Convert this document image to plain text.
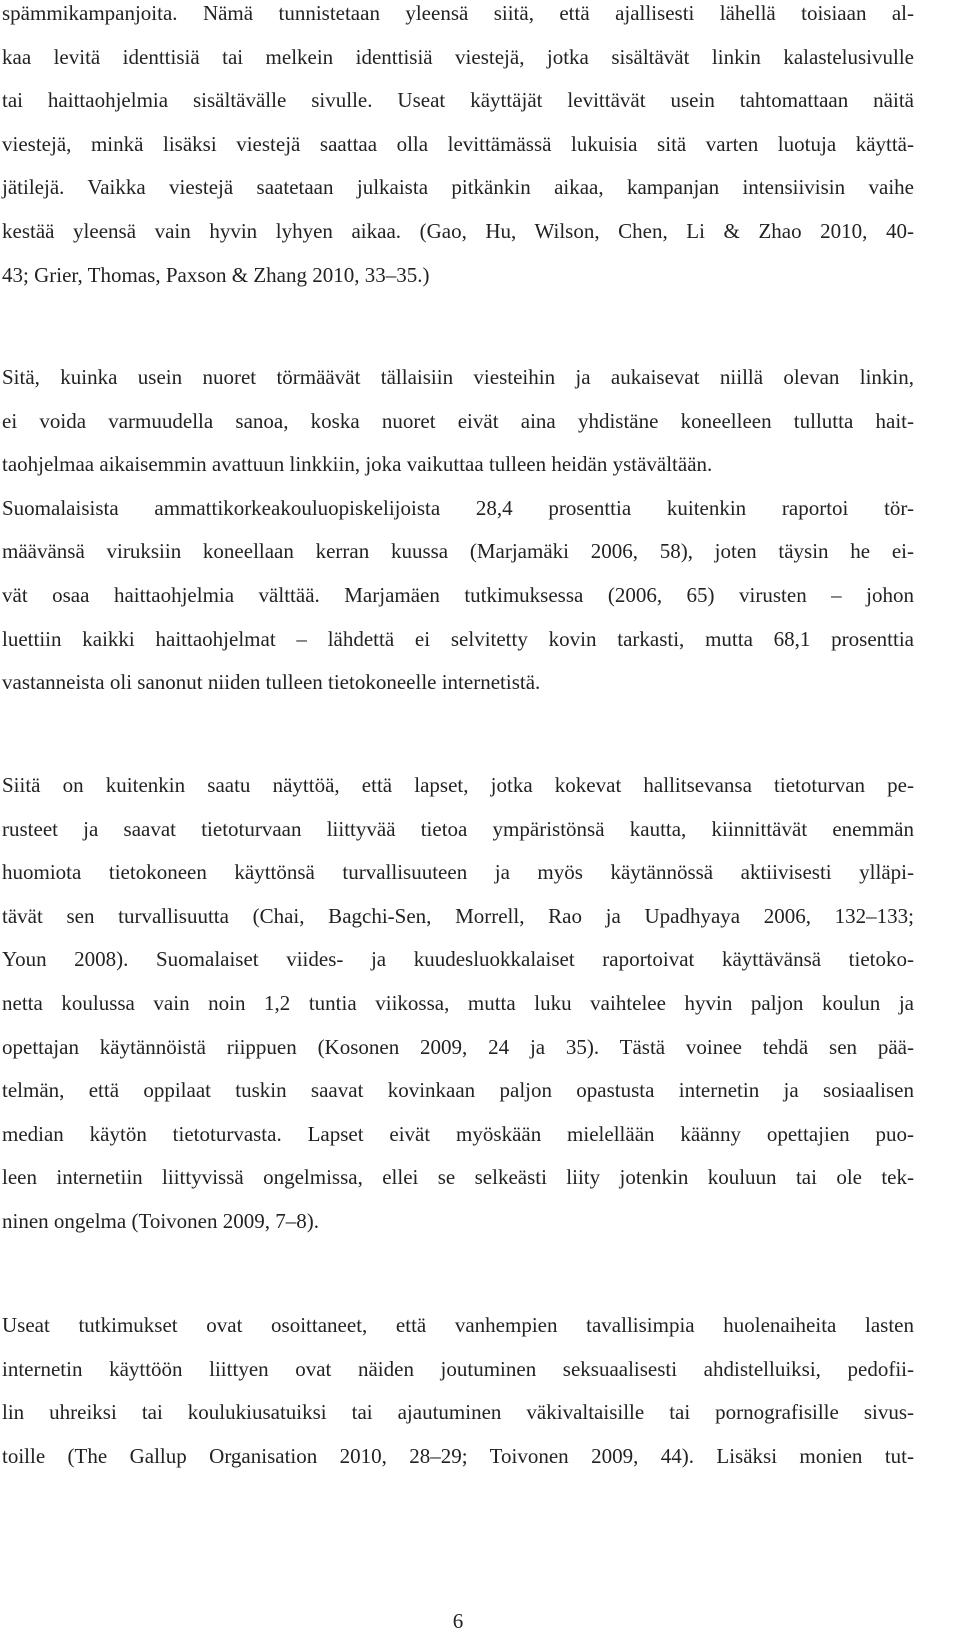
spämmikampanjoita. Nämä tunnistetaan yleensä siitä, että ajallisesti lähellä toisiaan al-
kaa levitä identtisiä tai melkein identtisiä viestejä, jotka sisältävät linkin kalastelusivulle
tai haittaohjelmia sisältävälle sivulle. Useat käyttäjät levittävät usein tahtomattaan näitä
viestejä, minkä lisäksi viestejä saattaa olla levittämässä lukuisia sitä varten luotuja käyttä-
jätilejä. Vaikka viestejä saatetaan julkaista pitkänkin aikaa, kampanjan intensiivisin vaihe
kestää yleensä vain hyvin lyhyen aikaa. (Gao, Hu, Wilson, Chen, Li & Zhao 2010, 40-
43; Grier, Thomas, Paxson & Zhang 2010, 33–35.)
Sitä, kuinka usein nuoret törmäävät tällaisiin viesteihin ja aukaisevat niillä olevan linkin,
ei voida varmuudella sanoa, koska nuoret eivät aina yhdistäne koneelleen tullutta hait-
taohjelmaa aikaisemmin avattuun linkkiin, joka vaikuttaa tulleen heidän ystävältään.
Suomalaisista ammattikorkeakouluopiskelijoista 28,4 prosenttia kuitenkin raportoi tör-
määvänsä viruksiin koneellaan kerran kuussa (Marjamäki 2006, 58), joten täysin he ei-
vät osaa haittaohjelmia välttää. Marjamäen tutkimuksessa (2006, 65) virusten – johon
luettiin kaikki haittaohjelmat – lähdettä ei selvitetty kovin tarkasti, mutta 68,1 prosenttia
vastanneista oli sanonut niiden tulleen tietokoneelle internetistä.
Siitä on kuitenkin saatu näyttöä, että lapset, jotka kokevat hallitsevansa tietoturvan pe-
rusteet ja saavat tietoturvaan liittyvää tietoa ympäristönsä kautta, kiinnittävät enemmän
huomiota tietokoneen käyttönsä turvallisuuteen ja myös käytännössä aktiivisesti ylläpi-
tävät sen turvallisuutta (Chai, Bagchi-Sen, Morrell, Rao ja Upadhyaya 2006, 132–133;
Youn 2008). Suomalaiset viides- ja kuudesluokkalaiset raportoivat käyttävänsä tietoko-
netta koulussa vain noin 1,2 tuntia viikossa, mutta luku vaihtelee hyvin paljon koulun ja
opettajan käytännöistä riippuen (Kosonen 2009, 24 ja 35). Tästä voinee tehdä sen pää-
telmän, että oppilaat tuskin saavat kovinkaan paljon opastusta internetin ja sosiaalisen
median käytön tietoturvasta. Lapset eivät myöskään mielellään käänny opettajien puo-
leen internetiin liittyvissä ongelmissa, ellei se selkeästi liity jotenkin kouluun tai ole tek-
ninen ongelma (Toivonen 2009, 7–8).
Useat tutkimukset ovat osoittaneet, että vanhempien tavallisimpia huolenaiheita lasten
internetin käyttöön liittyen ovat näiden joutuminen seksuaalisesti ahdistelluiksi, pedofii-
lin uhreiksi tai koulukiusatuiksi tai ajautuminen väkivaltaisille tai pornografisille sivus-
toille (The Gallup Organisation 2010, 28–29; Toivonen 2009, 44). Lisäksi monien tut-
6
